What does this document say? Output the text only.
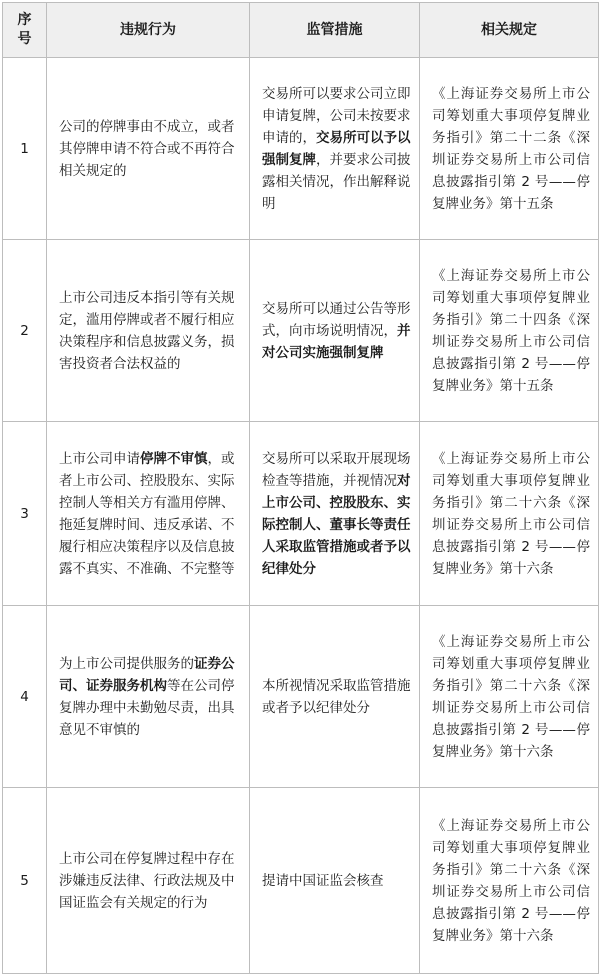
序号	违规行为	监管措施	相关规定
1	公司的停牌事由不成立，或者其停牌申请不符合或不再符合相关规定的	交易所可以要求公司立即申请复牌，公司未按要求申请的，交易所可以予以强制复牌，并要求公司披露相关情况，作出解释说明	《上海证券交易所上市公司筹划重大事项停复牌业务指引》第二十二条《深圳证券交易所上市公司信息披露指引第 2 号——停复牌业务》第十五条
2	上市公司违反本指引等有关规定，滥用停牌或者不履行相应决策程序和信息披露义务，损害投资者合法权益的	交易所可以通过公告等形式，向市场说明情况，并对公司实施强制复牌	《上海证券交易所上市公司筹划重大事项停复牌业务指引》第二十四条《深圳证券交易所上市公司信息披露指引第 2 号——停复牌业务》第十五条
3	上市公司申请停牌不审慎，或者上市公司、控股股东、实际控制人等相关方有滥用停牌、拖延复牌时间、违反承诺、不履行相应决策程序以及信息披露不真实、不准确、不完整等	交易所可以采取开展现场检查等措施，并视情况对上市公司、控股股东、实际控制人、董事长等责任人采取监管措施或者予以纪律处分	《上海证券交易所上市公司筹划重大事项停复牌业务指引》第二十六条《深圳证券交易所上市公司信息披露指引第 2 号——停复牌业务》第十六条
4	为上市公司提供服务的证券公司、证券服务机构等在公司停复牌办理中未勤勉尽责，出具意见不审慎的	本所视情况采取监管措施或者予以纪律处分	《上海证券交易所上市公司筹划重大事项停复牌业务指引》第二十六条《深圳证券交易所上市公司信息披露指引第 2 号——停复牌业务》第十六条
5	上市公司在停复牌过程中存在涉嫌违反法律、行政法规及中国证监会有关规定的行为	提请中国证监会核查	《上海证券交易所上市公司筹划重大事项停复牌业务指引》第二十六条《深圳证券交易所上市公司信息披露指引第 2 号——停复牌业务》第十六条
